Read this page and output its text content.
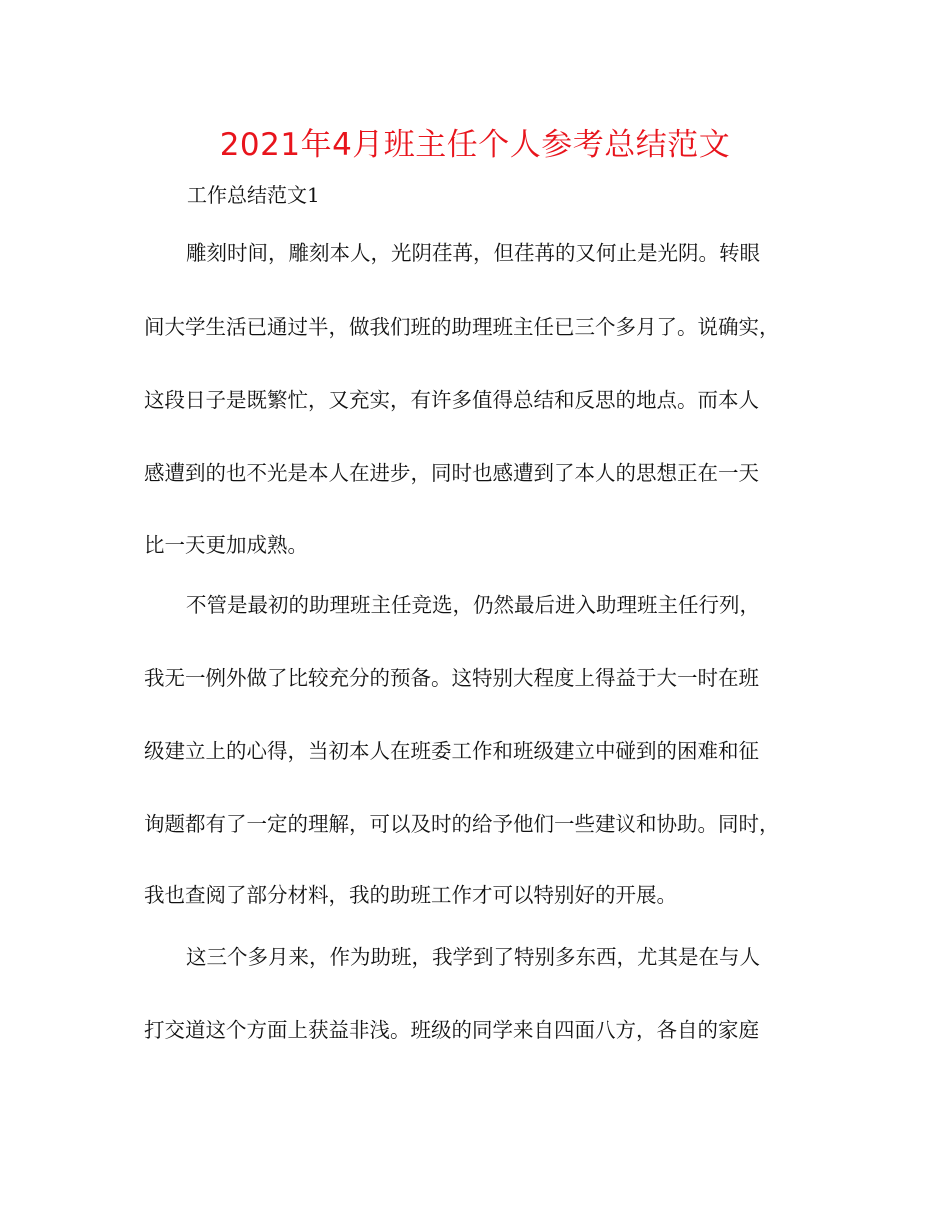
2021年4月班主任个人参考总结范文
工作总结范文1
雕刻时间，雕刻本人，光阴荏苒，但荏苒的又何止是光阴。转眼
间大学生活已通过半，做我们班的助理班主任已三个多月了。说确实，
这段日子是既繁忙，又充实，有许多值得总结和反思的地点。而本人
感遭到的也不光是本人在进步，同时也感遭到了本人的思想正在一天
比一天更加成熟。
不管是最初的助理班主任竞选，仍然最后进入助理班主任行列，
我无一例外做了比较充分的预备。这特别大程度上得益于大一时在班
级建立上的心得，当初本人在班委工作和班级建立中碰到的困难和征
询题都有了一定的理解，可以及时的给予他们一些建议和协助。同时，
我也查阅了部分材料，我的助班工作才可以特别好的开展。
这三个多月来，作为助班，我学到了特别多东西，尤其是在与人
打交道这个方面上获益非浅。班级的同学来自四面八方，各自的家庭
